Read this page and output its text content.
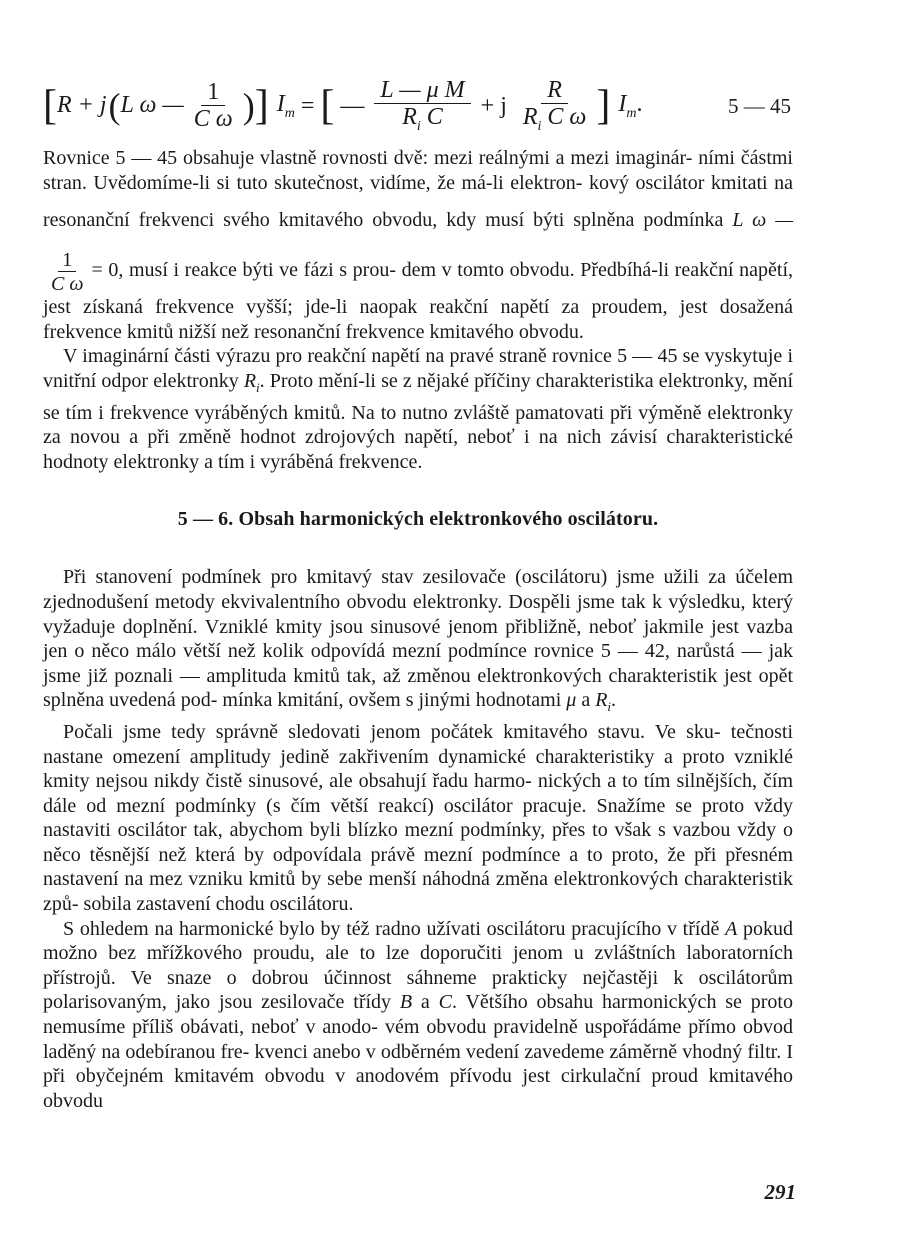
[ R + j ( L ω — $\frac{1}{\text{C ω}}$ ) ] $I_m$ = [ — $\frac{\text{L — μ M}}{R_i C} + j \frac{R}{R_i C \omega}$ ] $I_m$.	5 — 45

Rovnice 5 — 45 obsahuje vlastně rovnosti dvě: mezi reálnými a mezi imaginár- ními částmi stran. Uvědomíme-li si tuto skutečnost, vidíme, že má-li elektron- kový oscilátor kmitati na resonanční frekvenci svého kmitavého obvodu, kdy musí býti splněna podmínka L ω —
$\frac{1}{\text{C ω}} = 0$, musí i reakce býti ve fázi s prou- dem v tomto obvodu. Předbíhá-li reakční napětí, jest získaná frekvence vyšší; jde-li naopak reakční napětí za proudem, jest dosažená frekvence kmitů nižší než resonanční frekvence kmitavého obvodu.

V imaginární části výrazu pro reakční napětí na pravé straně rovnice 5 — 45 se vyskytuje i vnitřní odpor elektronky $R_i$. Proto mění-li se z nějaké příčiny charakteristika elektronky, mění se tím i frekvence vyráběných kmitů. Na to nutno zvláště pamatovati při výměně elektronky za novou a při změně hodnot zdrojových napětí, neboť i na nich závisí charakteristické hodnoty elektronky a tím i vyráběná frekvence.

5 — 6. Obsah harmonických elektronkového oscilátoru.

Při stanovení podmínek pro kmitavý stav zesilovače (oscilátoru) jsme užili za účelem zjednodušení metody ekvivalentního obvodu elektronky. Dospěli jsme tak k výsledku, který vyžaduje doplnění. Vzniklé kmity jsou sinusové jenom přibližně, neboť jakmile jest vazba jen o něco málo větší než kolik odpovídá mezní podmínce rovnice 5 — 42, narůstá — jak jsme již poznali — amplituda kmitů tak, až změnou elektronkových charakteristik jest opět splněna uvedená pod- mínka kmitání, ovšem s jinými hodnotami μ a $R_i$.

Počali jsme tedy správně sledovati jenom počátek kmitavého stavu. Ve sku- tečnosti nastane omezení amplitudy jedině zakřivením dynamické charakteristiky a proto vzniklé kmity nejsou nikdy čistě sinusové, ale obsahují řadu harmo- nických a to tím silnějších, čím dále od mezní podmínky (s čím větší reakcí) oscilátor pracuje. Snažíme se proto vždy nastaviti oscilátor tak, abychom byli blízko mezní podmínky, přes to však s vazbou vždy o něco těsnější než která by odpovídala právě mezní podmínce a to proto, že při přesném nastavení na mez vzniku kmitů by sebe menší náhodná změna elektronkových charakteristik způ- sobila zastavení chodu oscilátoru.

S ohledem na harmonické bylo by též radno užívati oscilátoru pracujícího v třídě A pokud možno bez mřížkového proudu, ale to lze doporučiti jenom u zvláštních laboratorních přístrojů. Ve snaze o dobrou účinnost sáhneme prakticky nejčastěji k oscilátorům polarisovaným, jako jsou zesilovače třídy B a C. Většího obsahu harmonických se proto nemusíme příliš obávati, neboť v anodo- vém obvodu pravidelně uspořádáme přímo obvod laděný na odebíranou fre- kvenci anebo v odběrném vedení zavedeme záměrně vhodný filtr. I při obyčejném kmitavém obvodu v anodovém přívodu jest cirkulační proud kmitavého obvodu

291
